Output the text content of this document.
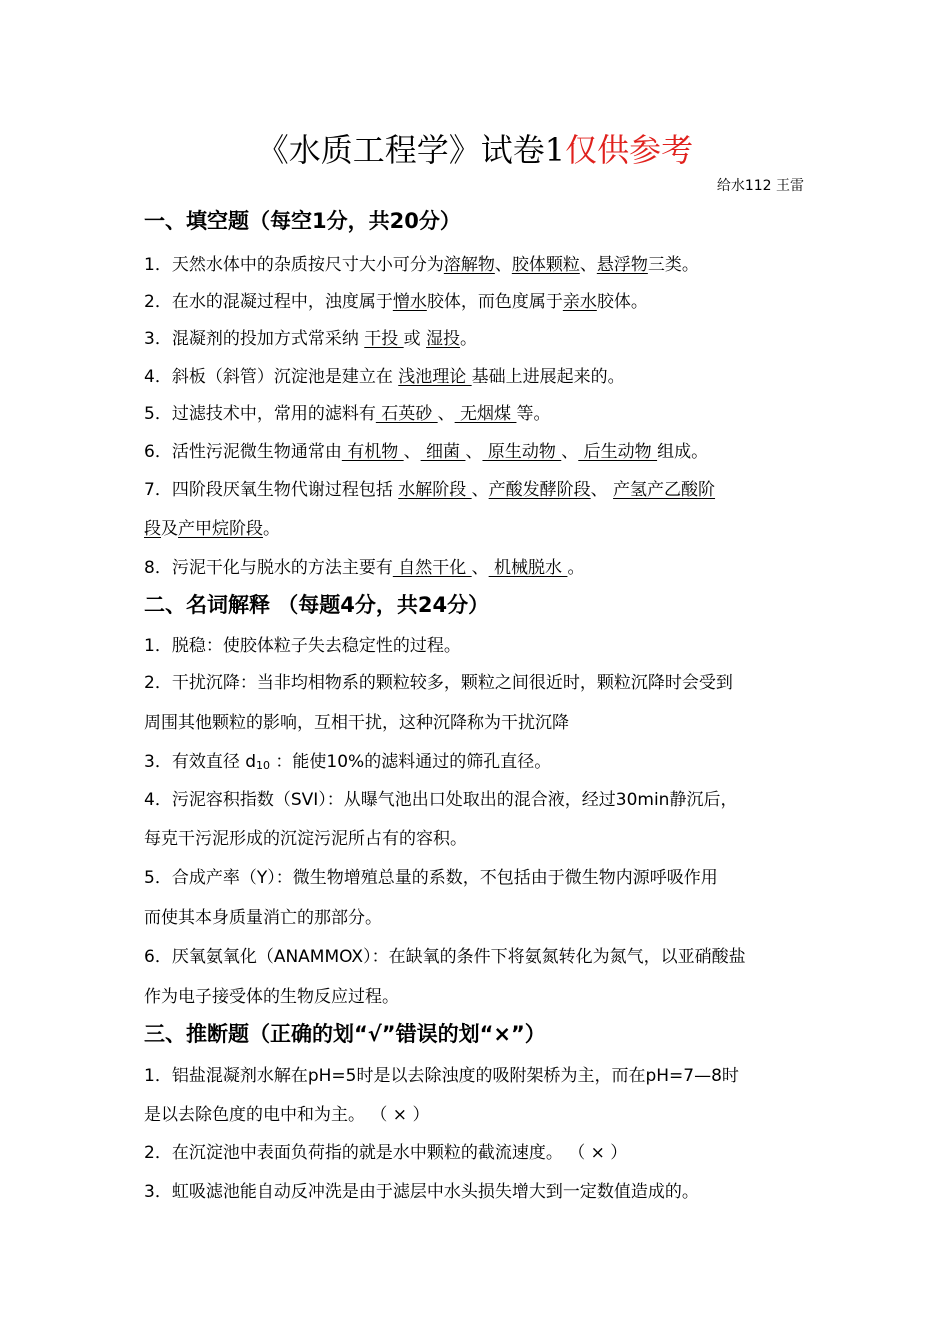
《水质工程学》试卷1仅供参考
给水112 王雷
一、填空题（每空1分，共20分）
1．天然水体中的杂质按尺寸大小可分为溶解物、胶体颗粒、悬浮物三类。
2．在水的混凝过程中，浊度属于憎水胶体，而色度属于亲水胶体。
3．混凝剂的投加方式常采纳 干投 或 湿投。
4．斜板（斜管）沉淀池是建立在 浅池理论 基础上进展起来的。
5．过滤技术中，常用的滤料有 石英砂 、 无烟煤 等。
6．活性污泥微生物通常由 有机物 、 细菌 、 原生动物 、 后生动物 组成。
7．四阶段厌氧生物代谢过程包括 水解阶段 、产酸发酵阶段、 产氢产乙酸阶
段及产甲烷阶段。
8．污泥干化与脱水的方法主要有 自然干化 、 机械脱水 。
二、名词解释 （每题4分，共24分）
1．脱稳：使胶体粒子失去稳定性的过程。
2．干扰沉降：当非均相物系的颗粒较多，颗粒之间很近时，颗粒沉降时会受到
周围其他颗粒的影响，互相干扰，这种沉降称为干扰沉降
3．有效直径 d10 ：能使10%的滤料通过的筛孔直径。
4．污泥容积指数（SVI）：从曝气池出口处取出的混合液，经过30min静沉后，
每克干污泥形成的沉淀污泥所占有的容积。
5．合成产率（Y）：微生物增殖总量的系数，不包括由于微生物内源呼吸作用
而使其本身质量消亡的那部分。
6．厌氧氨氧化（ANAMMOX）：在缺氧的条件下将氨氮转化为氮气，以亚硝酸盐
作为电子接受体的生物反应过程。
三、推断题（正确的划“√”错误的划“×”）
1．铝盐混凝剂水解在pH=5时是以去除浊度的吸附架桥为主，而在pH=7—8时
是以去除色度的电中和为主。 （ × ）
2．在沉淀池中表面负荷指的就是水中颗粒的截流速度。 （ × ）
3．虹吸滤池能自动反冲洗是由于滤层中水头损失增大到一定数值造成的。
